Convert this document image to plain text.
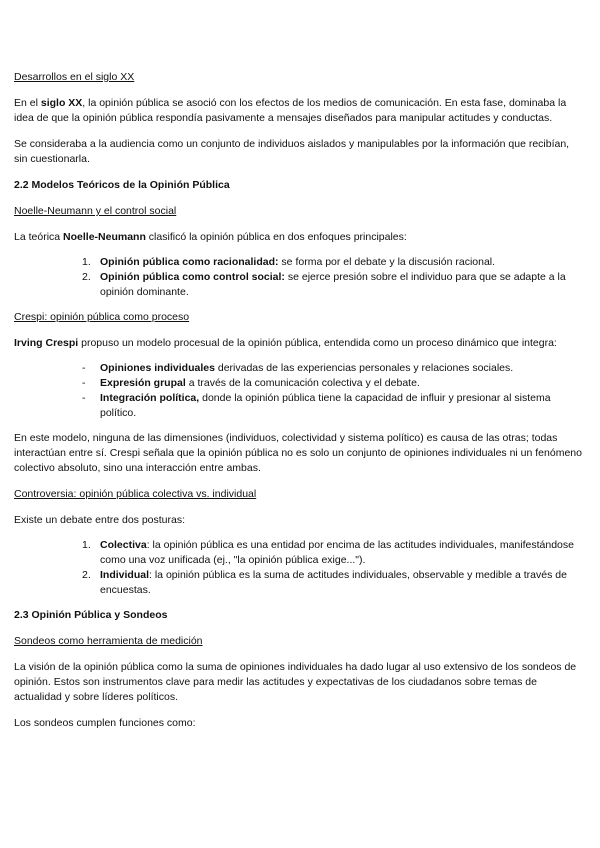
Desarrollos en el siglo XX

En el siglo XX, la opinión pública se asoció con los efectos de los medios de comunicación. En esta fase, dominaba la idea de que la opinión pública respondía pasivamente a mensajes diseñados para manipular actitudes y conductas.

Se consideraba a la audiencia como un conjunto de individuos aislados y manipulables por la información que recibían, sin cuestionarla.

2.2 Modelos Teóricos de la Opinión Pública

Noelle-Neumann y el control social

La teórica Noelle-Neumann clasificó la opinión pública en dos enfoques principales:

1. Opinión pública como racionalidad: se forma por el debate y la discusión racional.
2. Opinión pública como control social: se ejerce presión sobre el individuo para que se adapte a la opinión dominante.

Crespi: opinión pública como proceso

Irving Crespi propuso un modelo procesual de la opinión pública, entendida como un proceso dinámico que integra:

-	Opiniones individuales derivadas de las experiencias personales y relaciones sociales.
-	Expresión grupal a través de la comunicación colectiva y el debate.
-	Integración política, donde la opinión pública tiene la capacidad de influir y presionar al sistema político.

En este modelo, ninguna de las dimensiones (individuos, colectividad y sistema político) es causa de las otras; todas interactúan entre sí. Crespi señala que la opinión pública no es solo un conjunto de opiniones individuales ni un fenómeno colectivo absoluto, sino una interacción entre ambas.

Controversia: opinión pública colectiva vs. individual

Existe un debate entre dos posturas:

1. Colectiva: la opinión pública es una entidad por encima de las actitudes individuales, manifestándose como una voz unificada (ej., "la opinión pública exige...").
2. Individual: la opinión pública es la suma de actitudes individuales, observable y medible a través de encuestas.

2.3 Opinión Pública y Sondeos

Sondeos como herramienta de medición

La visión de la opinión pública como la suma de opiniones individuales ha dado lugar al uso extensivo de los sondeos de opinión. Estos son instrumentos clave para medir las actitudes y expectativas de los ciudadanos sobre temas de actualidad y sobre líderes políticos.

Los sondeos cumplen funciones como:
